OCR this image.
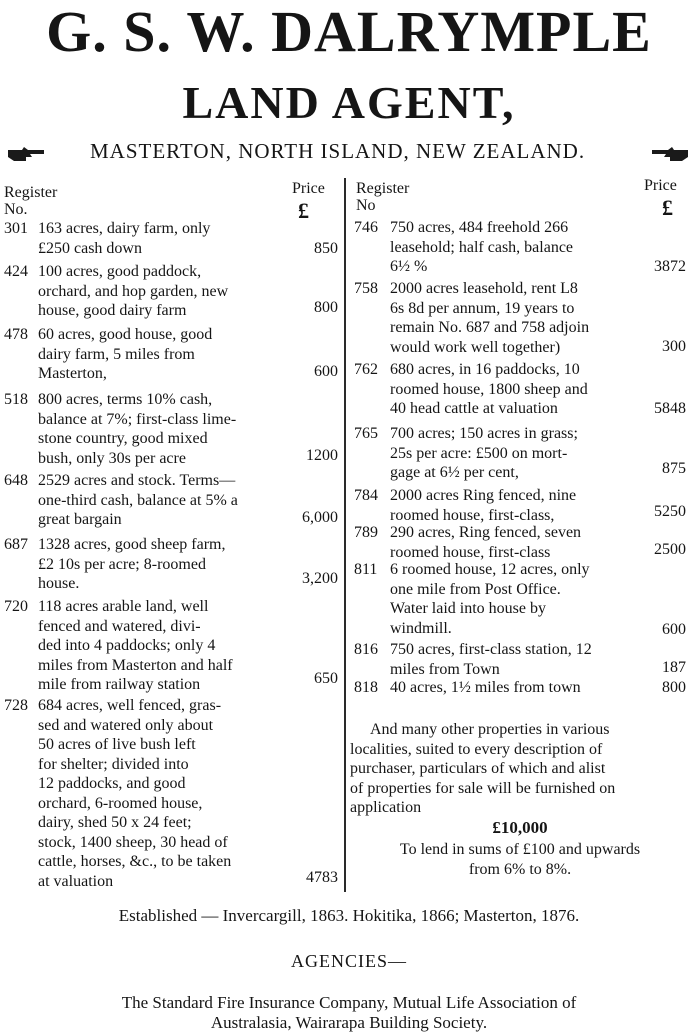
G. S. W. DALRYMPLE
LAND AGENT,
MASTERTON, NORTH ISLAND, NEW ZEALAND.
Register
No.
Price
£
Register
No
Price
£
301 163 acres, dairy farm, only
£250 cash down	850
424 100 acres, good paddock,
orchard, and hop garden, new
house, good dairy farm	800
478 60 acres, good house, good
dairy farm, 5 miles from
Masterton,	600
518 800 acres, terms 10% cash,
balance at 7%; first-class lime-
stone country, good mixed
bush, only 30s per acre	1200
648 2529 acres and stock. Terms—
one-third cash, balance at 5% a
great bargain	6,000
687 1328 acres, good sheep farm,
£2 10s per acre; 8-roomed
house.	3,200
720 118 acres arable land, well
fenced and watered, divi-
ded into 4 paddocks; only 4
miles from Masterton and half
mile from railway station	650
728 684 acres, well fenced, gras-
sed and watered only about
50 acres of live bush left
for shelter; divided into
12 paddocks, and good
orchard, 6-roomed house,
dairy, shed 50 x 24 feet;
stock, 1400 sheep, 30 head of
cattle, horses, &c., to be taken
at valuation	4783
746 750 acres, 484 freehold 266
leasehold; half cash, balance
6½ %	3872
758 2000 acres leasehold, rent L8
6s 8d per annum, 19 years to
remain No. 687 and 758 adjoin
would work well together)	300
762 680 acres, in 16 paddocks, 10
roomed house, 1800 sheep and
40 head cattle at valuation	5848
765 700 acres; 150 acres in grass;
25s per acre: £500 on mort-
gage at 6½ per cent,	875
784 2000 acres Ring fenced, nine
roomed house, first-class,	5250
789 290 acres, Ring fenced, seven
roomed house, first-class	2500
811 6 roomed house, 12 acres, only
one mile from Post Office.
Water laid into house by
windmill.	600
816 750 acres, first-class station, 12
miles from Town	187
818 40 acres, 1½ miles from town	800
And many other properties in various
localities, suited to every description of
purchaser, particulars of which and alist
of properties for sale will be furnished on
application
£10,000
To lend in sums of £100 and upwards
from 6% to 8%.
Established — Invercargill, 1863. Hokitika, 1866; Masterton, 1876.
AGENCIES—
The Standard Fire Insurance Company, Mutual Life Association of
Australasia, Wairarapa Building Society.
